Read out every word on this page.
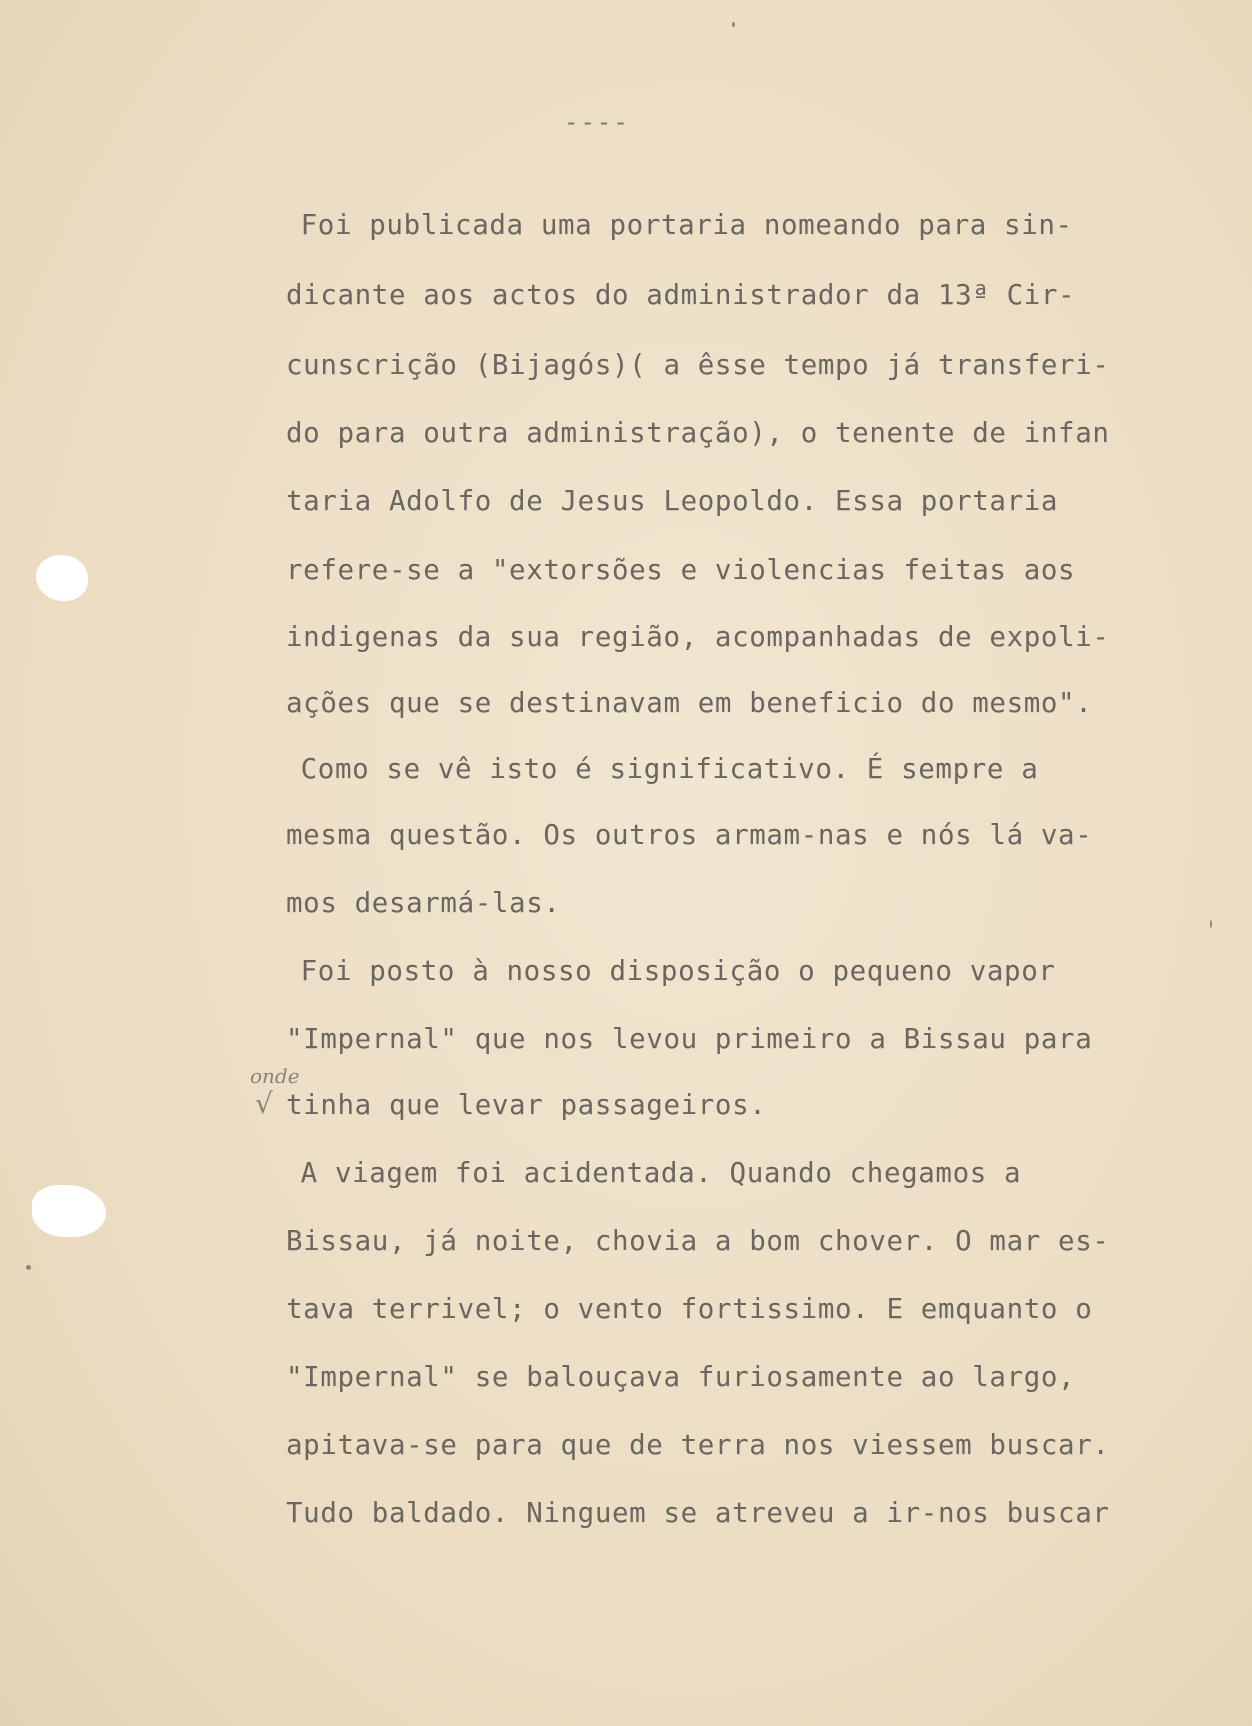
----
Foi publicada uma portaria nomeando para sin-
dicante aos actos do administrador da 13ª Cir-
cunscrição (Bijagós)( a êsse tempo já transferi-
do para outra administração), o tenente de infan
taria Adolfo de Jesus Leopoldo. Essa portaria
refere-se a "extorsões e violencias feitas aos
indigenas da sua região, acompanhadas de expoli-
ações que se destinavam em beneficio do mesmo".
Como se vê isto é significativo. É sempre a
mesma questão. Os outros armam-nas e nós lá va-
mos desarmá-las.
Foi posto à nosso disposição o pequeno vapor
"Impernal" que nos levou primeiro a Bissau para
onde
√ tinha que levar passageiros.
A viagem foi acidentada. Quando chegamos a
Bissau, já noite, chovia a bom chover. O mar es-
tava terrivel; o vento fortissimo. E emquanto o
"Impernal" se balouçava furiosamente ao largo,
apitava-se para que de terra nos viessem buscar.
Tudo baldado. Ninguem se atreveu a ir-nos buscar
